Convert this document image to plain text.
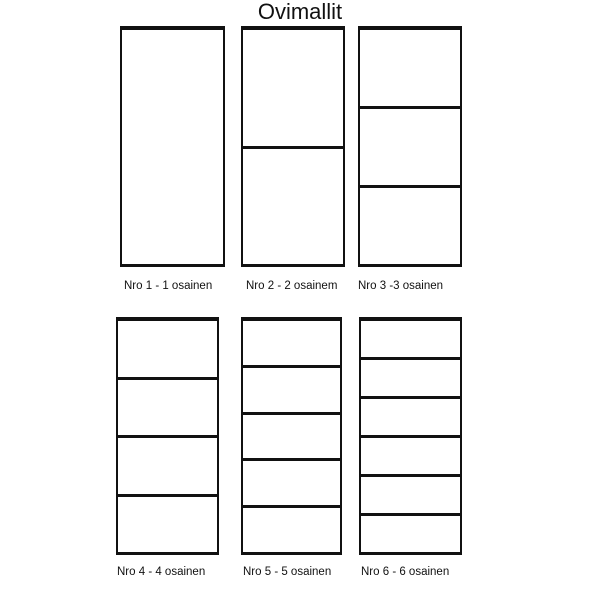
Ovimallit
Nro 1 - 1 osainen	Nro 2 - 2 osainem Nro 3 -3 osainen
Nro 4 - 4 osainen	Nro 5 - 5 osainen	Nro 6 - 6 osainen
